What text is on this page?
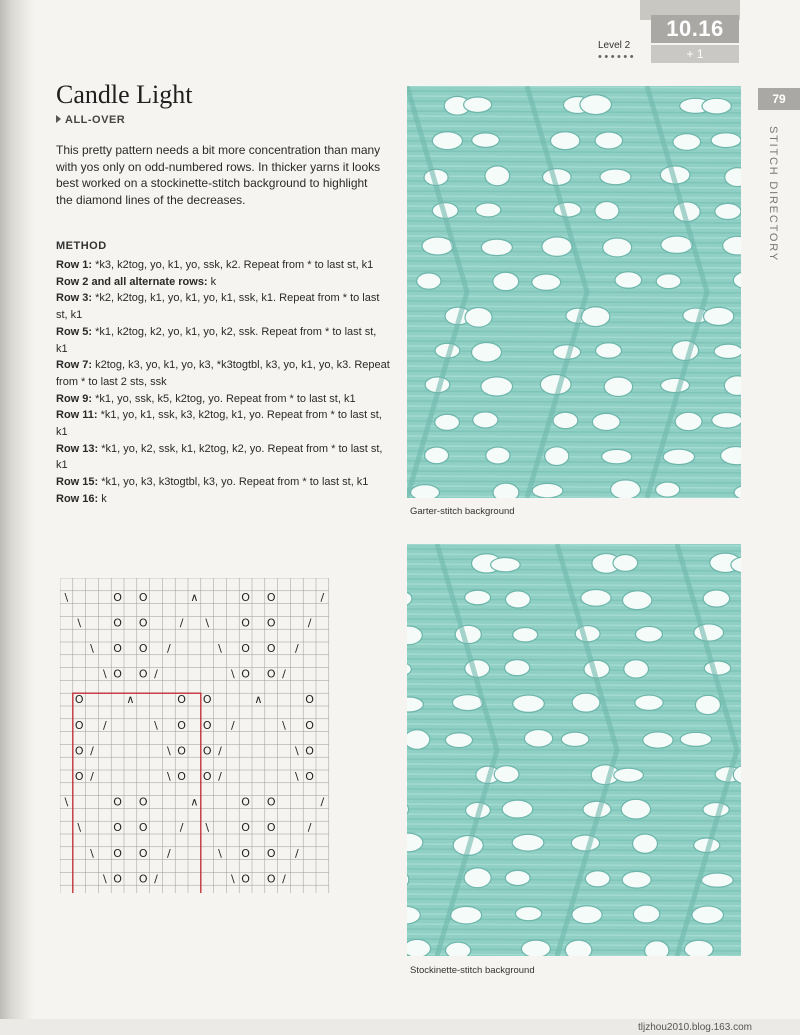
10.16
+ 1
Level 2
••••••
79
STITCH DIRECTORY
Candle Light
ALL-OVER

This pretty pattern needs a bit more concentration than many with yos only on odd-numbered rows. In thicker yarns it looks best worked on a stockinette-stitch background to highlight the diamond lines of the decreases.

METHOD

Row 1: *k3, k2tog, yo, k1, yo, ssk, k2. Repeat from * to last st, k1

Row 2 and all alternate rows: k

Row 3: *k2, k2tog, k1, yo, k1, yo, k1, ssk, k1. Repeat from * to last st, k1

Row 5: *k1, k2tog, k2, yo, k1, yo, k2, ssk. Repeat from * to last st, k1

Row 7: k2tog, k3, yo, k1, yo, k3, *k3togtbl, k3, yo, k1, yo, k3. Repeat from * to last 2 sts, ssk

Row 9: *k1, yo, ssk, k5, k2tog, yo. Repeat from * to last st, k1

Row 11: *k1, yo, k1, ssk, k3, k2tog, k1, yo. Repeat from * to last st, k1

Row 13: *k1, yo, k2, ssk, k1, k2tog, k2, yo. Repeat from * to last st, k1

Row 15: *k1, yo, k3, k3togtbl, k3, yo. Repeat from * to last st, k1

Row 16: k

Garter-stitch background
Stockinette-stitch background
\	O O	∧	O O	/
\	O O	/ \	O O	/
\ O O /	\ O O /
\ O O /	\ O O /
O	∧	O O	∧	O
O /	\ O O /	\ O
O /	\ O O /	\ O
O /	\ O O /	\ O
\	O O	∧	O O	/
\	O O	/ \	O O	/
\ O O /	\ O O /
\ O O /	\ O O /
tljzhou2010.blog.163.com
